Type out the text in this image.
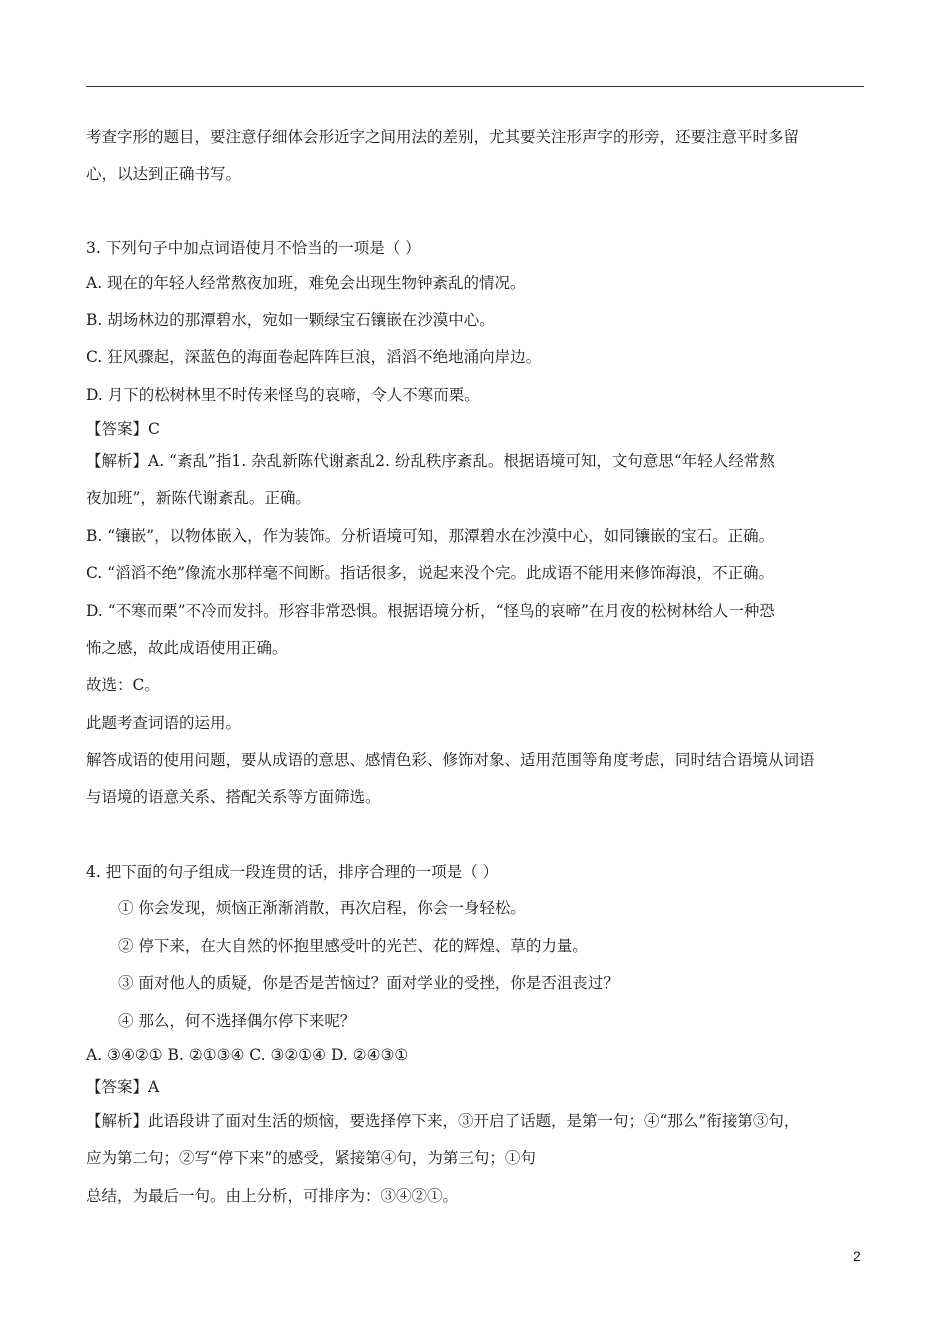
考查字形的题目，要注意仔细体会形近字之间用法的差别，尤其要关注形声字的形旁，还要注意平时多留
心，以达到正确书写。
3. 下列句子中加点词语使月不恰当的一项是（ ）
A. 现在的年轻人经常熬夜加班，难免会出现生物钟紊乱的情况。
B. 胡场林边的那潭碧水，宛如一颗绿宝石镶嵌在沙漠中心。
C. 狂风骤起，深蓝色的海面卷起阵阵巨浪，滔滔不绝地涌向岸边。
D. 月下的松树林里不时传来怪鸟的哀啼，令人不寒而栗。
【答案】C
【解析】A. “紊乱”指1. 杂乱新陈代谢紊乱2. 纷乱秩序紊乱。根据语境可知，文句意思“年轻人经常熬
夜加班”，新陈代谢紊乱。正确。
B. “镶嵌”，以物体嵌入，作为装饰。分析语境可知，那潭碧水在沙漠中心，如同镶嵌的宝石。正确。
C. “滔滔不绝”像流水那样毫不间断。指话很多，说起来没个完。此成语不能用来修饰海浪，不正确。
D. “不寒而栗”不冷而发抖。形容非常恐惧。根据语境分析，“怪鸟的哀啼”在月夜的松树林给人一种恐
怖之感，故此成语使用正确。
故选：C。
此题考查词语的运用。
解答成语的使用问题，要从成语的意思、感情色彩、修饰对象、适用范围等角度考虑，同时结合语境从词语
与语境的语意关系、搭配关系等方面筛选。
4. 把下面的句子组成一段连贯的话，排序合理的一项是（ ）
① 你会发现，烦恼正渐渐消散，再次启程，你会一身轻松。
② 停下来，在大自然的怀抱里感受叶的光芒、花的辉煌、草的力量。
③ 面对他人的质疑，你是否是苦恼过？面对学业的受挫，你是否沮丧过？
④ 那么，何不选择偶尔停下来呢？
A. ③④②① B. ②①③④ C. ③②①④ D. ②④③①
【答案】A
【解析】此语段讲了面对生活的烦恼，要选择停下来，③开启了话题，是第一句；④“那么”衔接第③句，
应为第二句；②写“停下来”的感受，紧接第④句，为第三句；①句
总结，为最后一句。由上分析，可排序为：③④②①。
2
